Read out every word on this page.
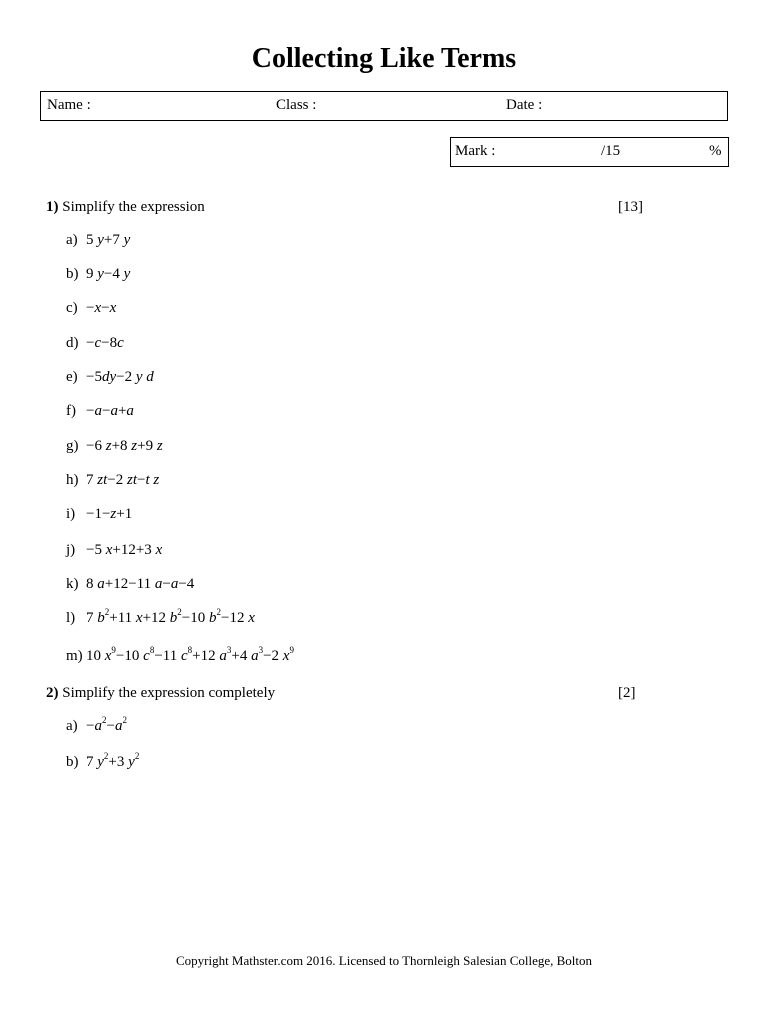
Collecting Like Terms
Name :	Class :	Date :
Mark :	/15	%
1) Simplify the expression	[13]
a) 5 y+7 y
b) 9 y−4 y
c) −x−x
d) −c−8c
e) −5dy−2 y d
f) −a−a+a
g) −6 z+8 z+9 z
h) 7 zt−2 zt−t z
i) −1−z+1
j) −5 x+12+3 x
k) 8 a+12−11 a−a−4
l) 7 $b^2+11$ x+12 $b^2-10$ $b^2-12$ x
m) 10 $x^9-10$ $c^8-11$ $c^8+12$ $a^3+4$ $a^3-2$ $x^9$
2) Simplify the expression completely	[2]
$a) -a^2-a^2$
b) 7 $y^2+3$ $y^2$
Copyright Mathster.com 2016. Licensed to Thornleigh Salesian College, Bolton
